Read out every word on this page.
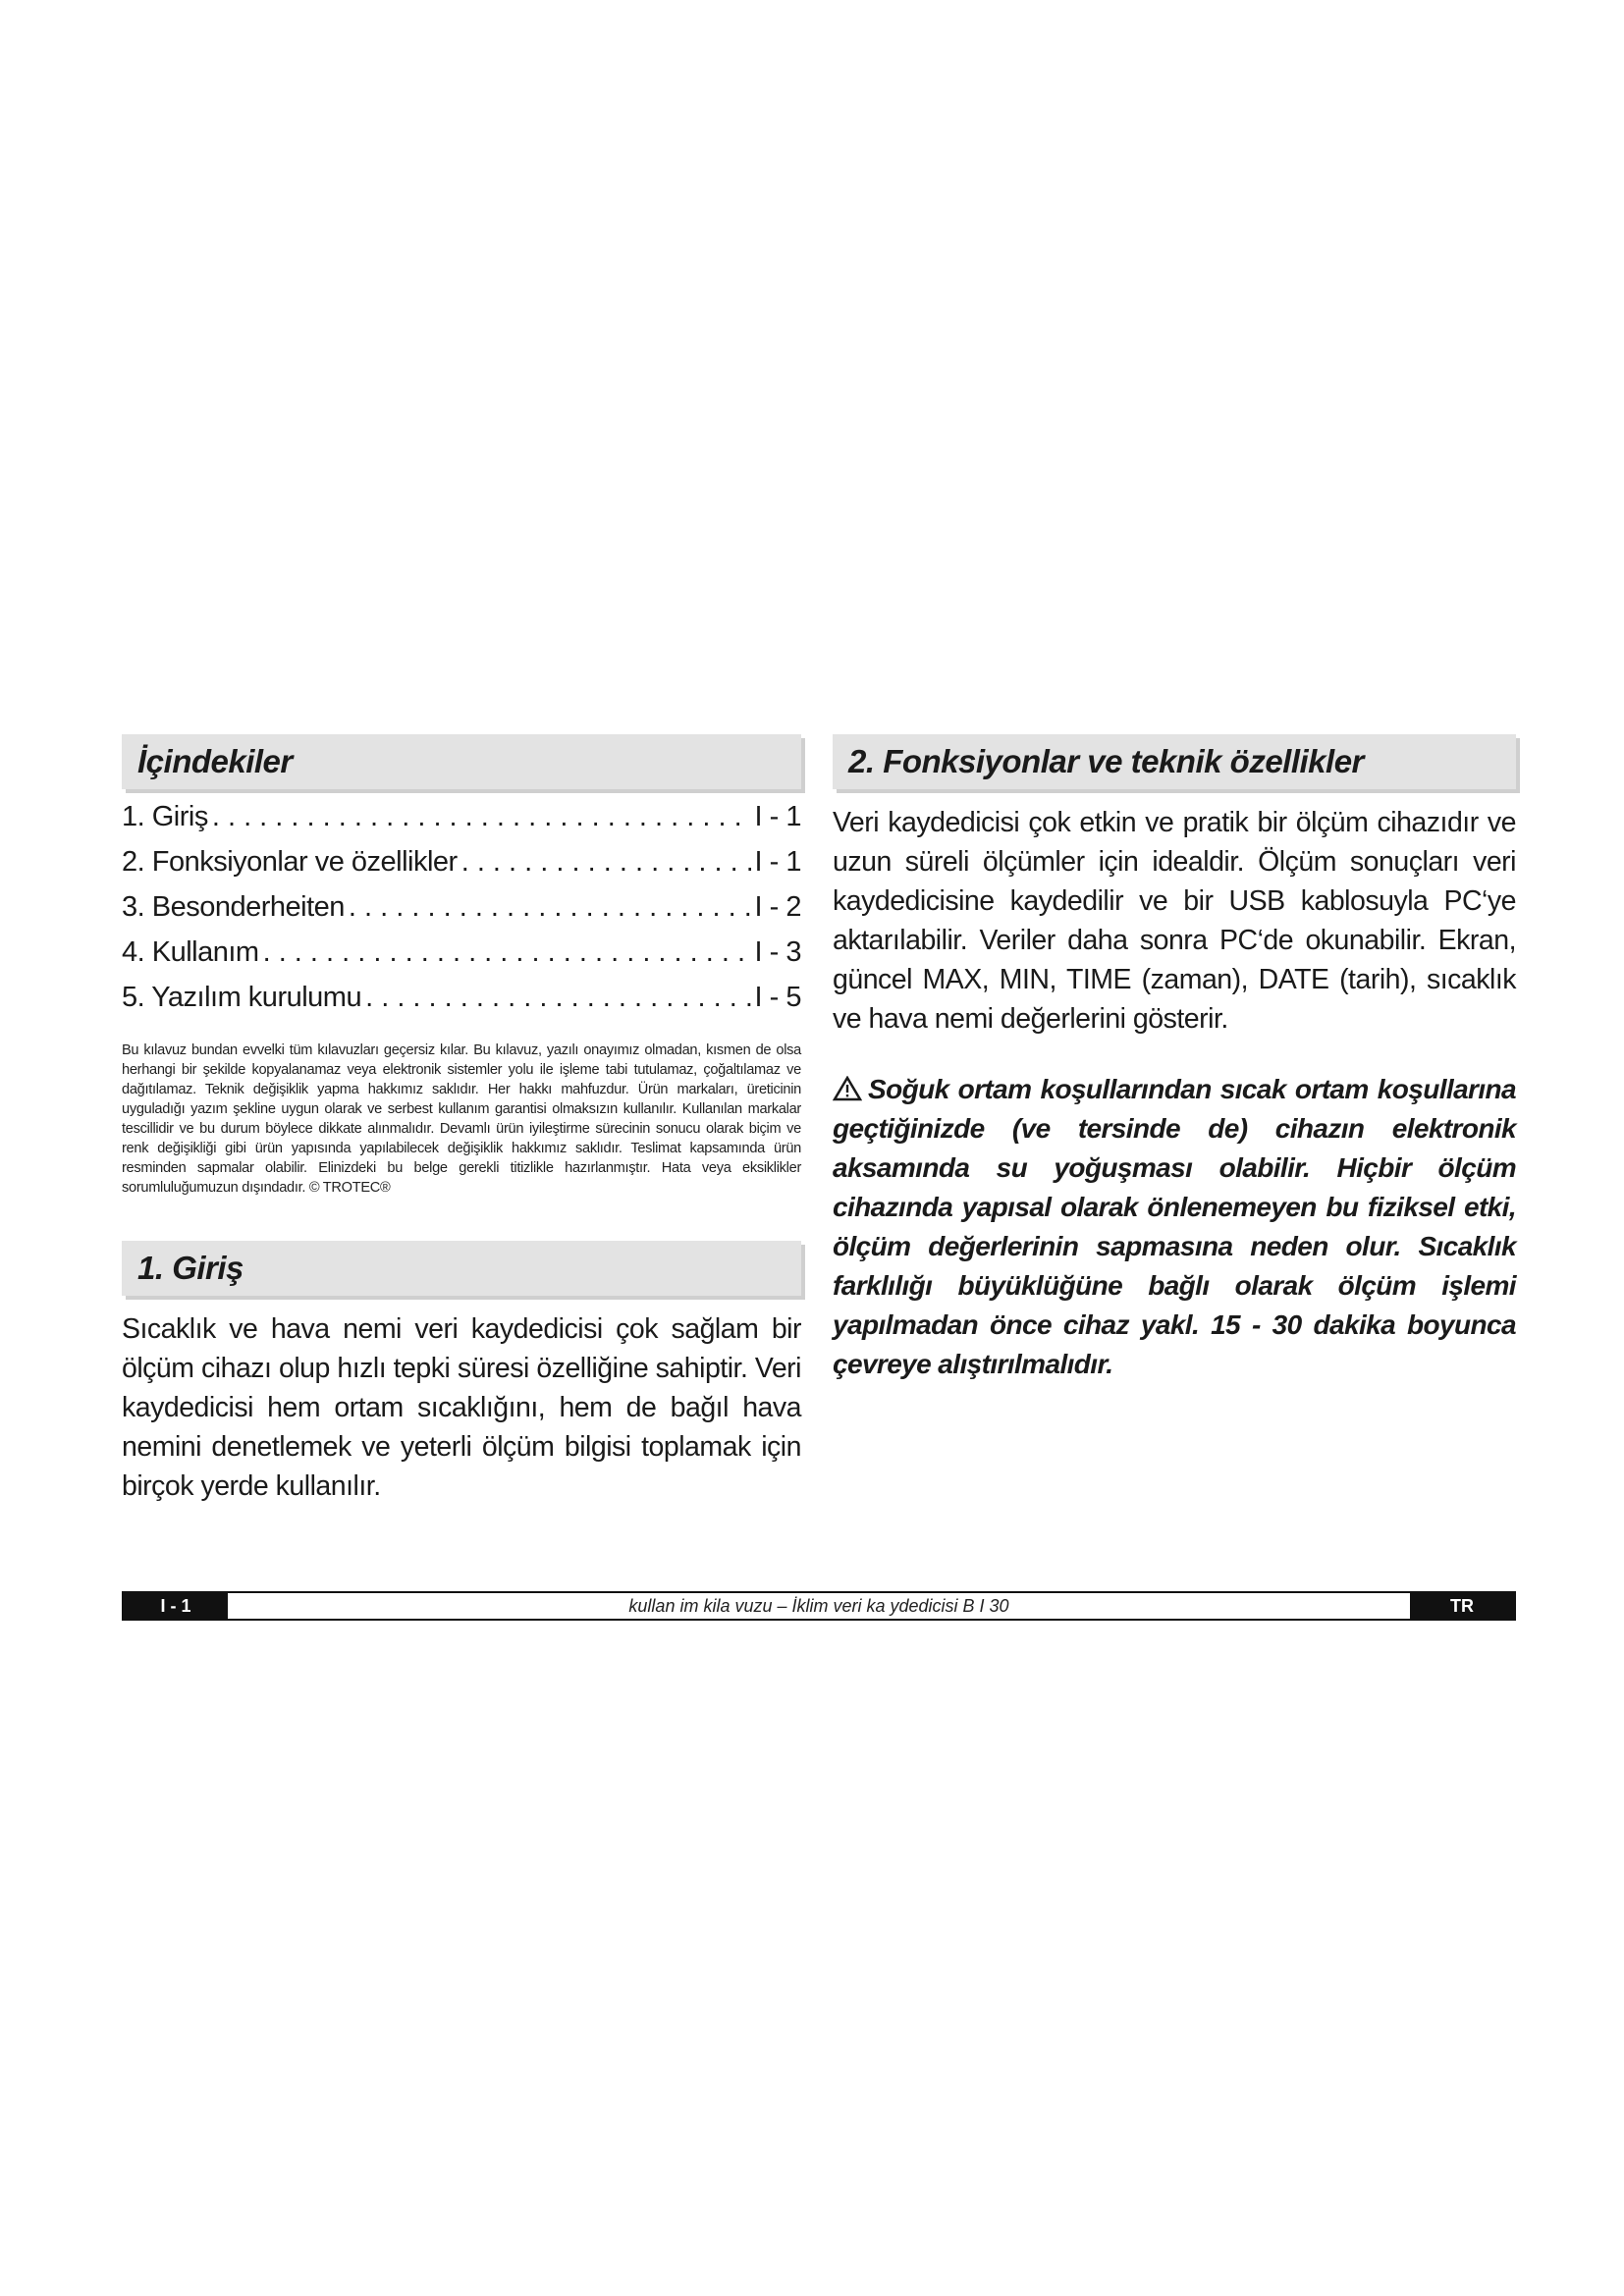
İçindekiler
1. Giriş . . .	I - 1
2. Fonksiyonlar ve özellikler . . .	I - 1
3. Besonderheiten . . .	I - 2
4. Kullanım . . .	I - 3
5. Yazılım kurulumu . . .	I - 5

Bu kılavuz bundan evvelki tüm kılavuzları geçersiz kılar. Bu kılavuz, yazılı onayımız olmadan, kısmen de olsa herhangi bir şekilde kopyalanamaz veya elektronik sistemler yolu ile işleme tabi tutulamaz, çoğaltılamaz ve dağıtılamaz. Teknik değişiklik yapma hakkımız saklıdır. Her hakkı mahfuzdur. Ürün markaları, üreticinin uyguladığı yazım şekline uygun olarak ve serbest kullanım garantisi olmaksızın kullanılır. Kullanılan markalar tescillidir ve bu durum böylece dikkate alınmalıdır. Devamlı ürün iyileştirme sürecinin sonucu olarak biçim ve renk değişikliği gibi ürün yapısında yapılabilecek değişiklik hakkımız saklıdır. Teslimat kapsamında ürün resminden sapmalar olabilir. Elinizdeki bu belge gerekli titizlikle hazırlanmıştır. Hata veya eksiklikler sorumluluğumuzun dışındadır. © TROTEC®

1. Giriş

Sıcaklık ve hava nemi veri kaydedicisi çok sağlam bir ölçüm cihazı olup hızlı tepki süresi özelliğine sahiptir. Veri kaydedicisi hem ortam sıcaklığını, hem de bağıl hava nemini denetlemek ve yeterli ölçüm bilgisi toplamak için birçok yerde kullanılır.

2. Fonksiyonlar ve teknik özellikler

Veri kaydedicisi çok etkin ve pratik bir ölçüm cihazıdır ve uzun süreli ölçümler için idealdir. Ölçüm sonuçları veri kaydedicisine kaydedilir ve bir USB kablosuyla PC‘ye aktarılabilir. Veriler daha sonra PC‘de okunabilir. Ekran, güncel MAX, MIN, TIME (zaman), DATE (tarih), sıcaklık ve hava nemi değerlerini gösterir.

Soğuk ortam koşullarından sıcak ortam koşullarına geçtiğinizde (ve tersinde de) cihazın elektronik aksamında su yoğuşması olabilir. Hiçbir ölçüm cihazında yapısal olarak önlenemeyen bu fiziksel etki, ölçüm değerlerinin sapmasına neden olur. Sıcaklık farklılığı büyüklüğüne bağlı olarak ölçüm işlemi yapılmadan önce cihaz yakl. 15 - 30 dakika boyunca çevreye alıştırılmalıdır.

I - 1	kullan im kila vuzu – İklim veri ka ydedicisi B I 30	TR
